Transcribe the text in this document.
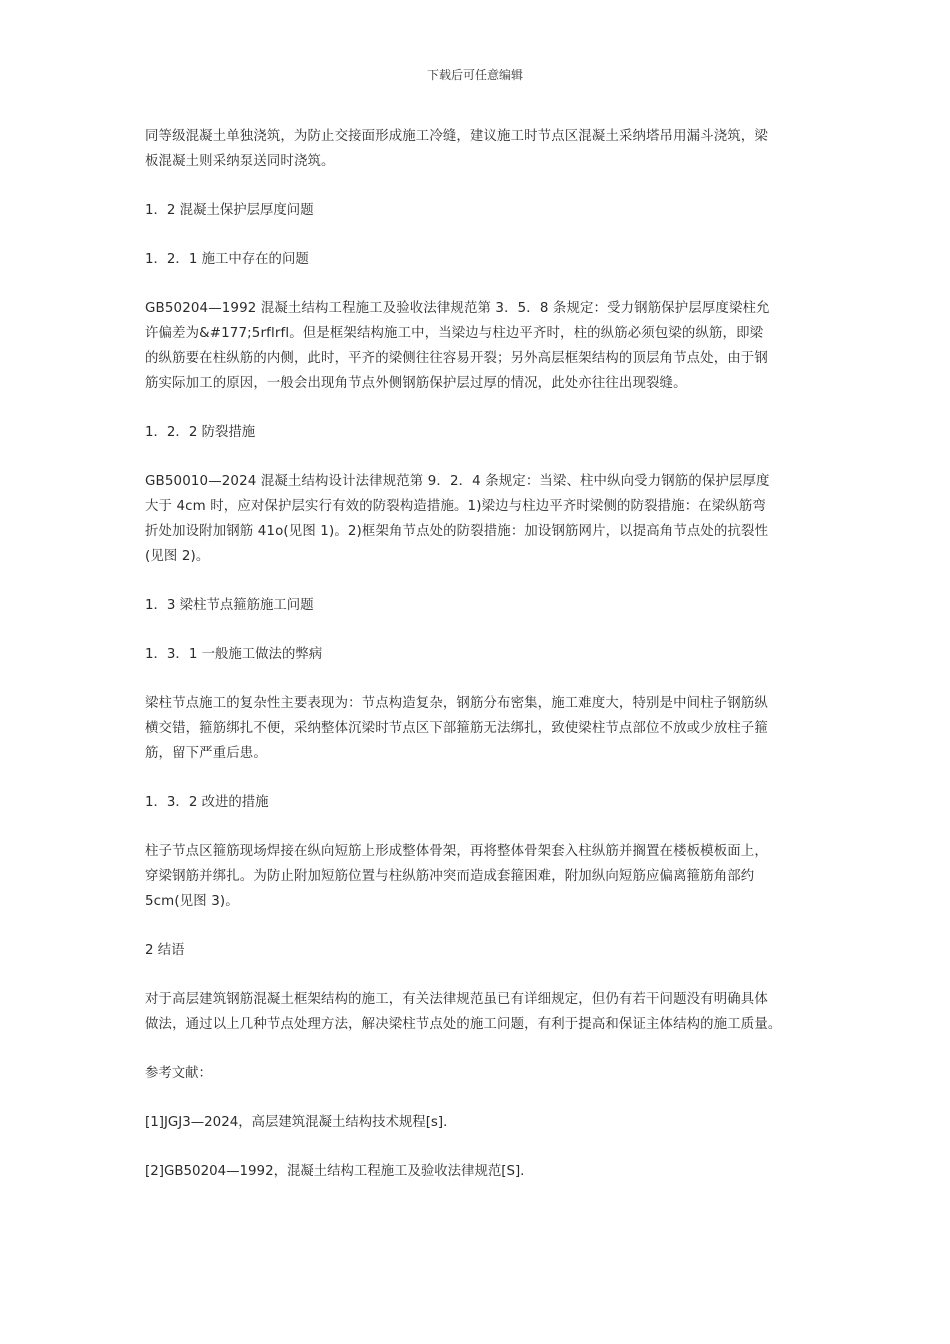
下载后可任意编辑
同等级混凝土单独浇筑，为防止交接面形成施工冷缝，建议施工时节点区混凝土采纳塔吊用漏斗浇筑，梁
板混凝土则采纳泵送同时浇筑。
1．2 混凝土保护层厚度问题
1．2．1 施工中存在的问题
GB50204—1992 混凝土结构工程施工及验收法律规范第 3．5．8 条规定：受力钢筋保护层厚度梁柱允
许偏差为&#177;5rflrfl。但是框架结构施工中，当梁边与柱边平齐时，柱的纵筋必须包梁的纵筋，即梁
的纵筋要在柱纵筋的内侧，此时，平齐的梁侧往往容易开裂；另外高层框架结构的顶层角节点处，由于钢
筋实际加工的原因，一般会出现角节点外侧钢筋保护层过厚的情况，此处亦往往出现裂缝。
1．2．2 防裂措施
GB50010—2024 混凝土结构设计法律规范第 9．2．4 条规定：当梁、柱中纵向受力钢筋的保护层厚度
大于 4cm 时，应对保护层实行有效的防裂构造措施。1)梁边与柱边平齐时梁侧的防裂措施：在梁纵筋弯
折处加设附加钢筋 41o(见图 1)。2)框架角节点处的防裂措施：加设钢筋网片，以提高角节点处的抗裂性
(见图 2)。
1．3 梁柱节点箍筋施工问题
1．3．1 一般施工做法的弊病
梁柱节点施工的复杂性主要表现为：节点构造复杂，钢筋分布密集，施工难度大，特别是中间柱子钢筋纵
横交错，箍筋绑扎不便，采纳整体沉梁时节点区下部箍筋无法绑扎，致使梁柱节点部位不放或少放柱子箍
筋，留下严重后患。
1．3．2 改进的措施
柱子节点区箍筋现场焊接在纵向短筋上形成整体骨架，再将整体骨架套入柱纵筋并搁置在楼板模板面上，
穿梁钢筋并绑扎。为防止附加短筋位置与柱纵筋冲突而造成套箍困难，附加纵向短筋应偏离箍筋角部约
5cm(见图 3)。
2 结语
对于高层建筑钢筋混凝土框架结构的施工，有关法律规范虽已有详细规定，但仍有若干问题没有明确具体
做法，通过以上几种节点处理方法，解决梁柱节点处的施工问题，有利于提高和保证主体结构的施工质量。
参考文献：
[1]JGJ3—2024，高层建筑混凝土结构技术规程[s].
[2]GB50204—1992，混凝土结构工程施工及验收法律规范[S].
